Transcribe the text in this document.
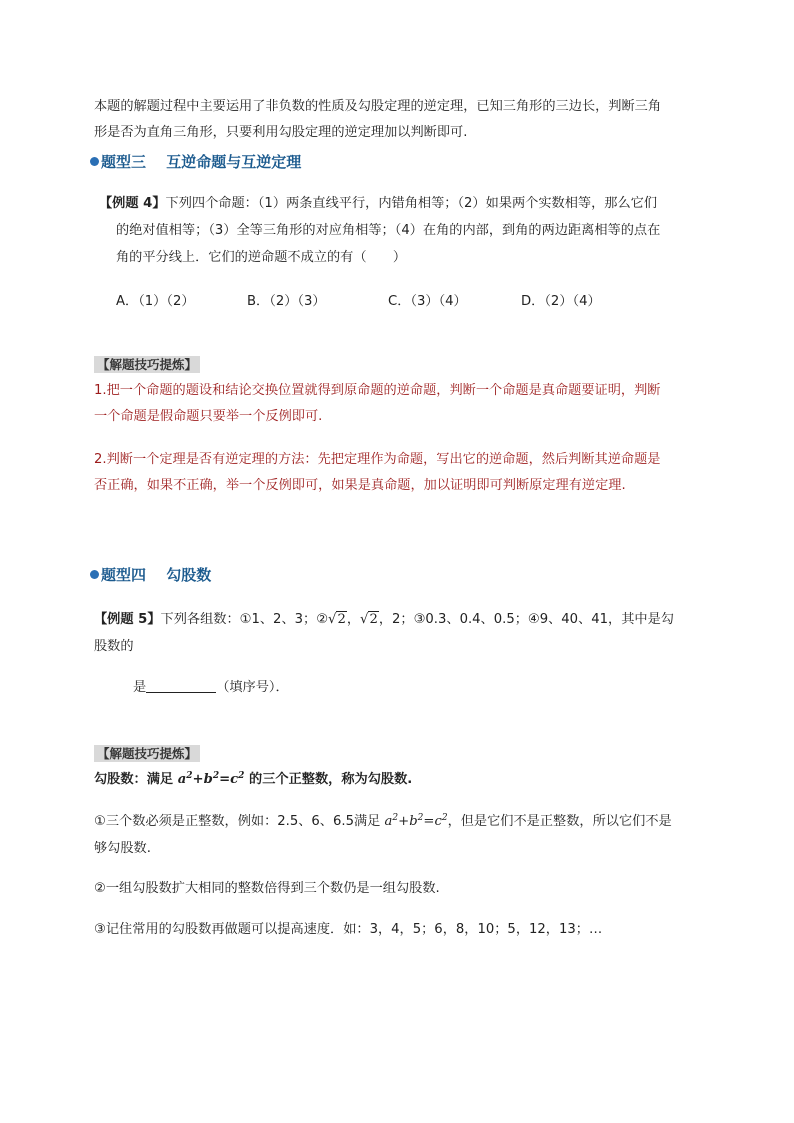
本题的解题过程中主要运用了非负数的性质及勾股定理的逆定理，已知三角形的三边长，判断三角
形是否为直角三角形，只要利用勾股定理的逆定理加以判断即可.
题型三　 互逆命题与互逆定理
【例题 4】下列四个命题：（1）两条直线平行，内错角相等；（2）如果两个实数相等，那么它们
的绝对值相等；（3）全等三角形的对应角相等；（4）在角的内部，到角的两边距离相等的点在
角的平分线上．它们的逆命题不成立的有（　　）
A．（1）（2）	B．（2）（3）	C．（3）（4）	D．（2）（4）
【解题技巧提炼】
1.把一个命题的题设和结论交换位置就得到原命题的逆命题，判断一个命题是真命题要证明，判断
一个命题是假命题只要举一个反例即可.
2.判断一个定理是否有逆定理的方法：先把定理作为命题，写出它的逆命题，然后判断其逆命题是
否正确，如果不正确，举一个反例即可，如果是真命题，加以证明即可判断原定理有逆定理.
题型四　 勾股数
【例题 5】下列各组数：①1、2、3；②√2，√2，2；③0.3、0.4、0.5；④9、40、41，其中是勾
股数的
是	（填序号）．
【解题技巧提炼】
勾股数：满足 $a^2+b^2=c^2$ 的三个正整数，称为勾股数.
①三个数必须是正整数，例如：2.5、6、6.5满足 $a^2+b^2=c^2$，但是它们不是正整数，所以它们不是
够勾股数.
②一组勾股数扩大相同的整数倍得到三个数仍是一组勾股数.
③记住常用的勾股数再做题可以提高速度．如：3，4，5；6，8，10；5，12，13；…
